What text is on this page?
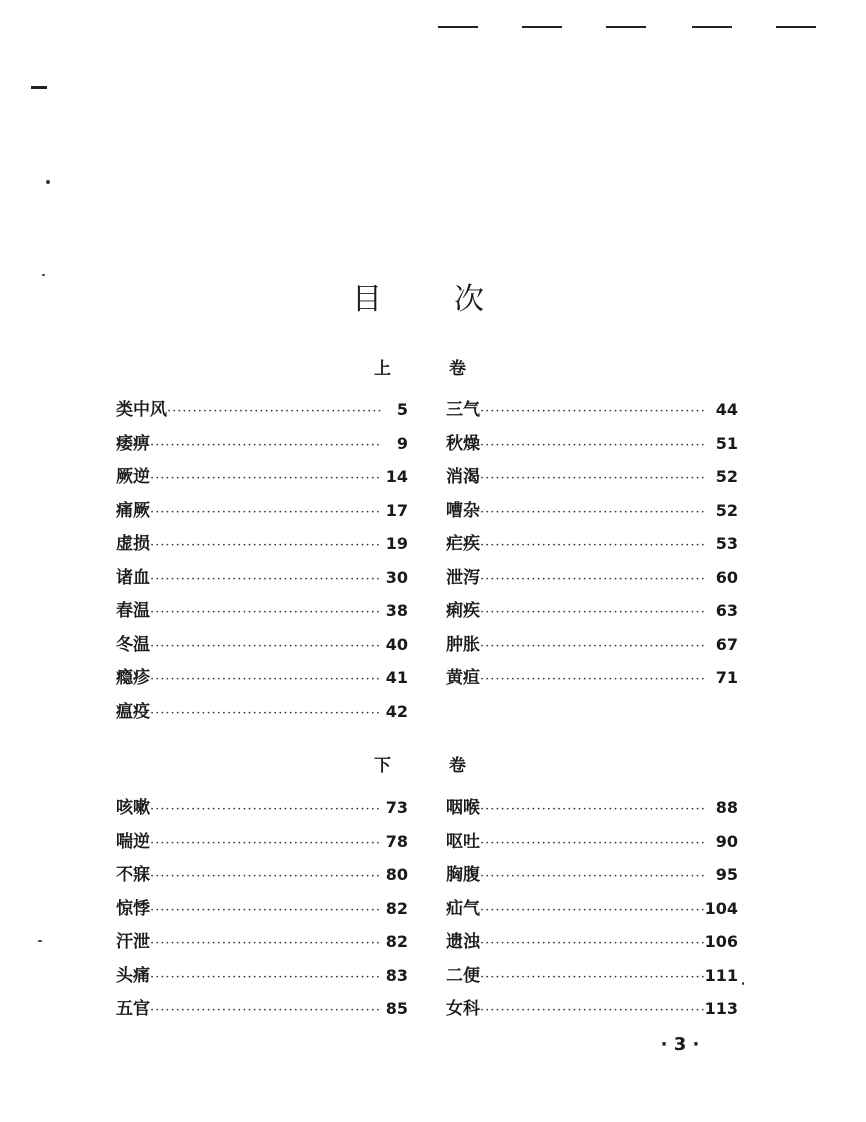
目 次
上	卷
类中风 ·····	5
痿痹 ·····	9
厥逆 ·····	14
痛厥 ·····	17
虚损 ·····	19
诸血 ·····	30
春温 ·····	38
冬温 ·····	40
瘾疹 ·····	41
瘟疫 ·····	42
三气 ·····	44
秋燥 ·····	51
消渴 ·····	52
嘈杂 ·····	52
疟疾 ·····	53
泄泻 ·····	60
痢疾 ·····	63
肿胀 ·····	67
黄疸 ·····	71
下	卷
咳嗽 ·····	73
喘逆 ·····	78
不寐 ·····	80
惊悸 ·····	82
汗泄 ·····	82
头痛 ·····	83
五官 ·····	85
咽喉 ·····	88
呕吐 ·····	90
胸腹 ·····	95
疝气 ·····	104
遗浊 ·····	106
二便 ·····	111
女科 ·····	113
· 3 ·
